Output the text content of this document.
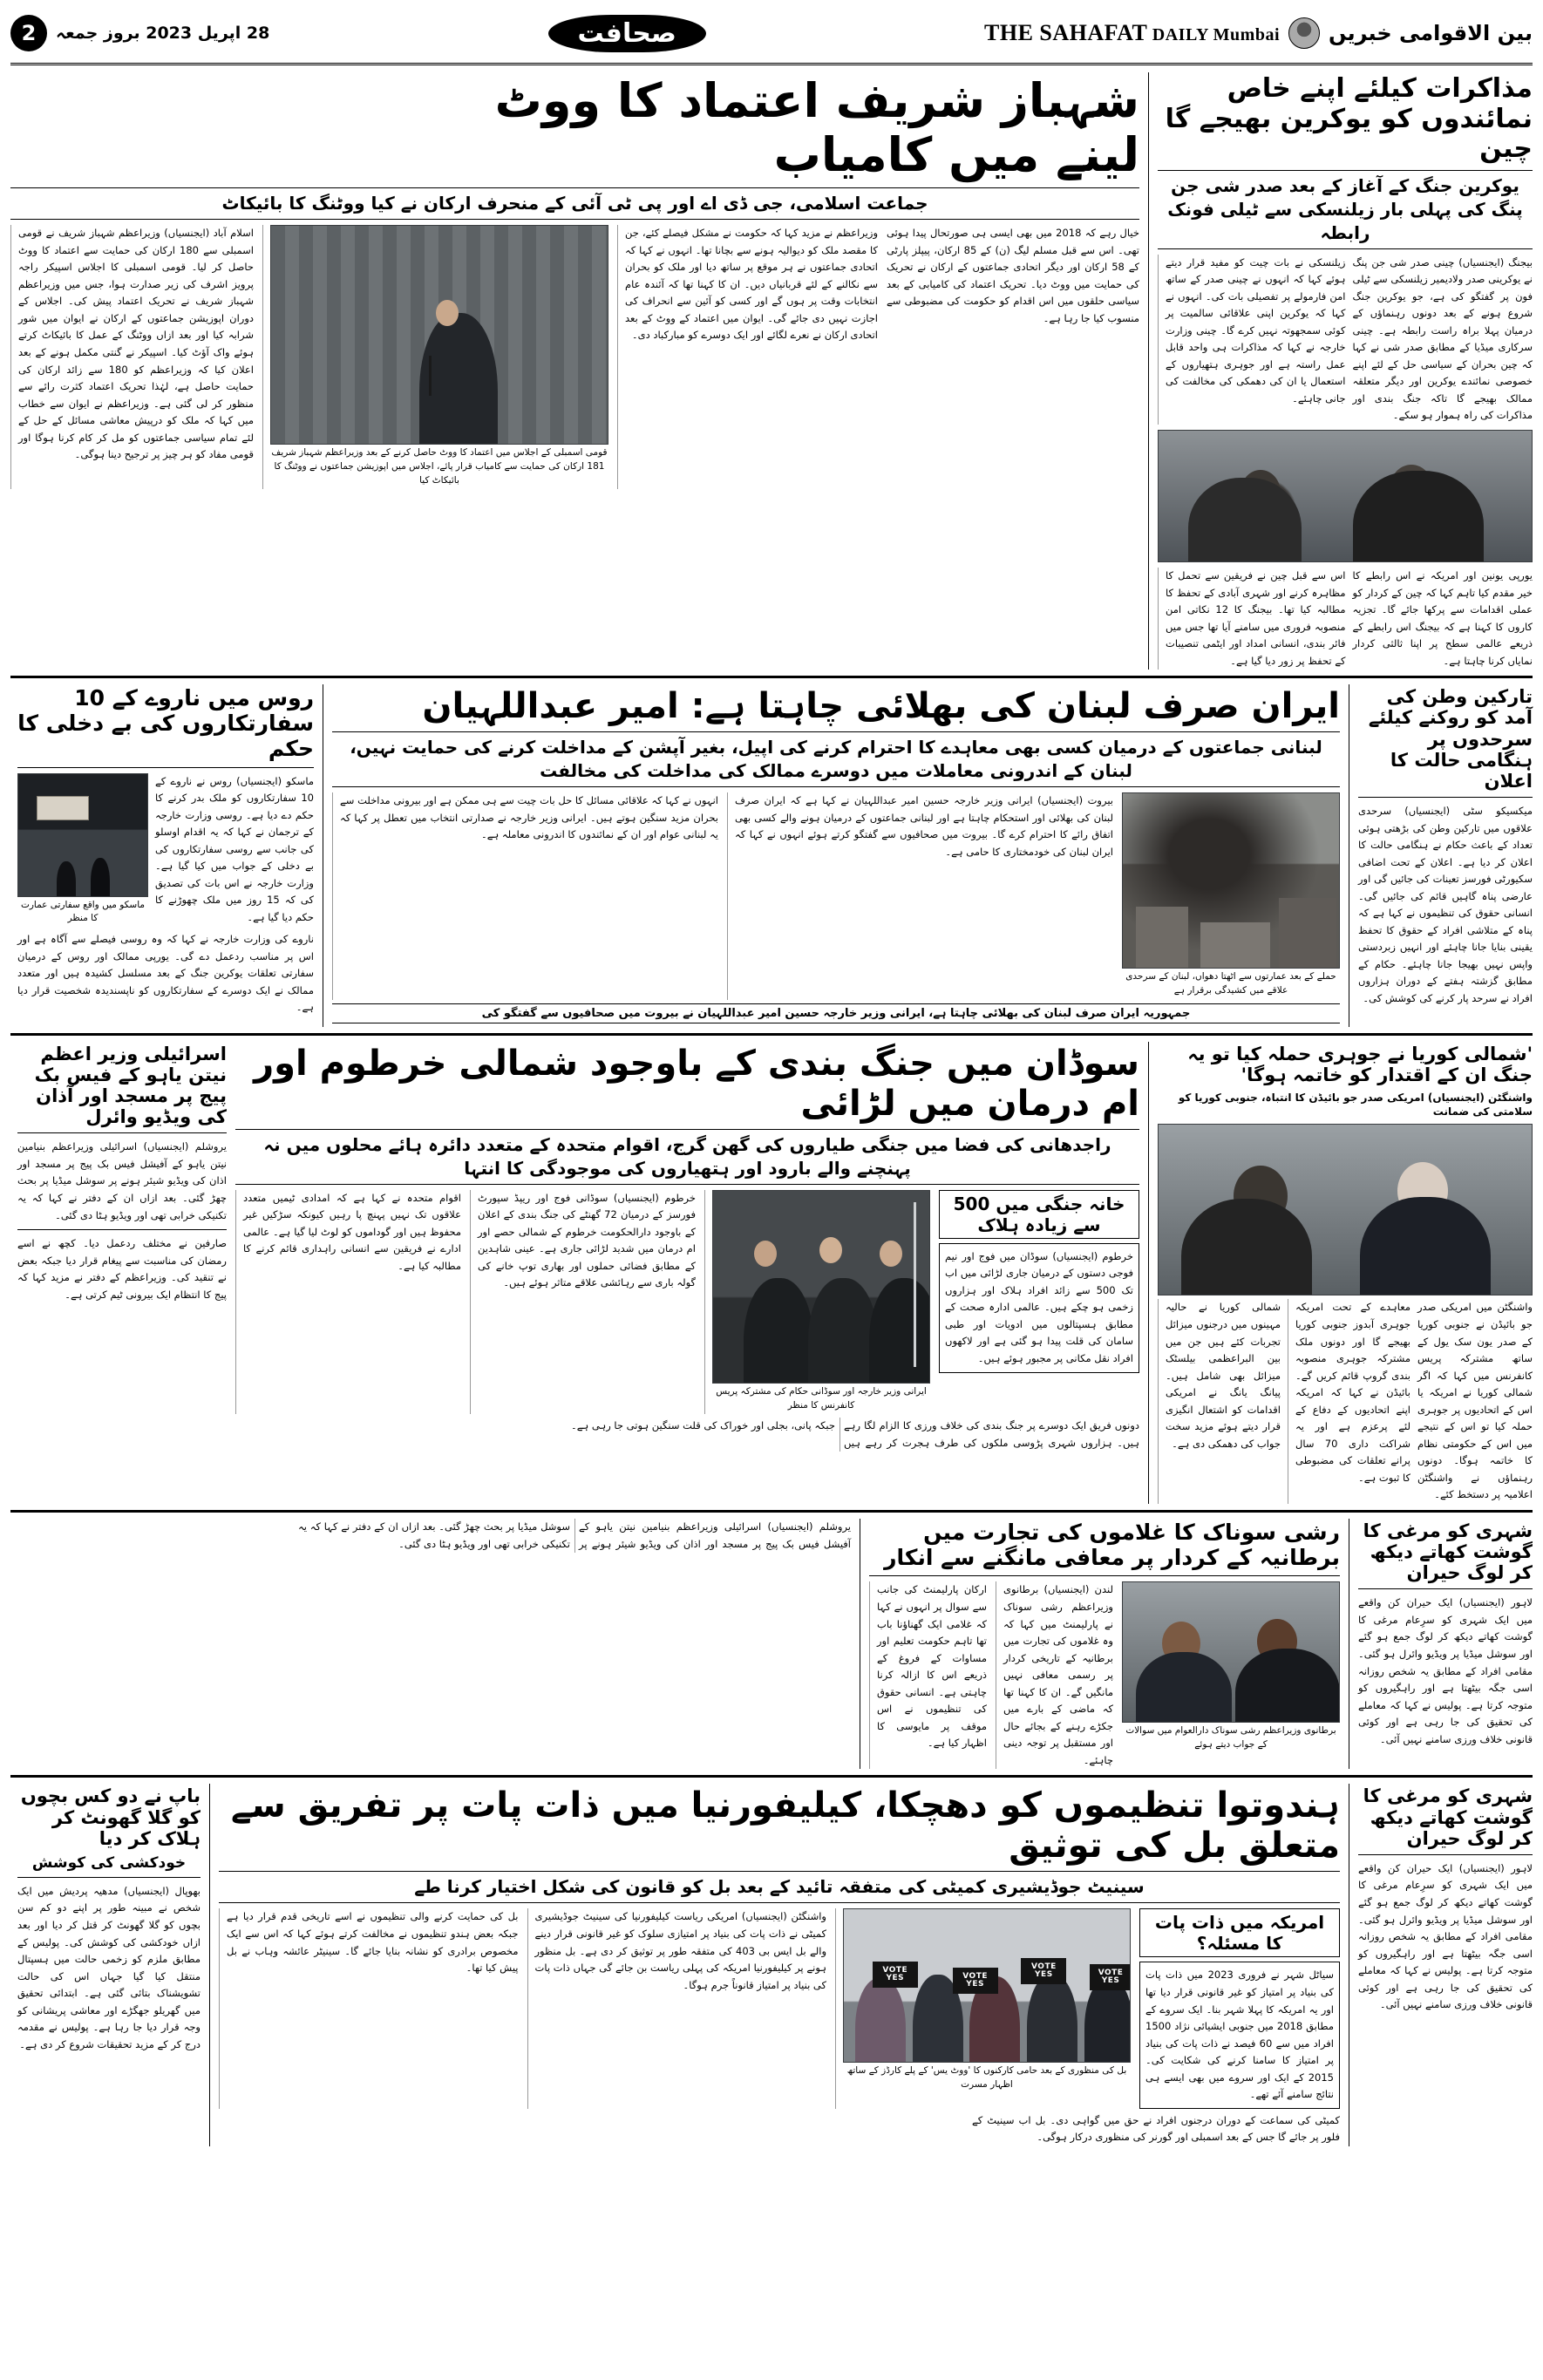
بین الاقوامی خبریں
THE SAHAFAT DAILY Mumbai
صحافت
28 اپریل 2023 بروز جمعہ
2
مذاکرات کیلئے اپنے خاص نمائندوں کو یوکرین بھیجے گا چین
یوکرین جنگ کے آغاز کے بعد صدر شی جن پنگ کی پہلی بار زیلنسکی سے ٹیلی فونک رابطہ
بیجنگ (ایجنسیاں) چینی صدر شی جن پنگ نے یوکرینی صدر ولادیمیر زیلنسکی سے ٹیلی فون پر گفتگو کی ہے، جو یوکرین جنگ شروع ہونے کے بعد دونوں رہنماؤں کے درمیان پہلا براہ راست رابطہ ہے۔ چینی سرکاری میڈیا کے مطابق صدر شی نے کہا کہ چین بحران کے سیاسی حل کے لئے اپنے خصوصی نمائندے یوکرین اور دیگر متعلقہ ممالک بھیجے گا تاکہ جنگ بندی اور مذاکرات کی راہ ہموار ہو سکے۔
زیلنسکی نے بات چیت کو مفید قرار دیتے ہوئے کہا کہ انہوں نے چینی صدر کے ساتھ امن فارمولے پر تفصیلی بات کی۔ انہوں نے کہا کہ یوکرین اپنی علاقائی سالمیت پر کوئی سمجھوتہ نہیں کرے گا۔ چینی وزارت خارجہ نے کہا کہ مذاکرات ہی واحد قابل عمل راستہ ہے اور جوہری ہتھیاروں کے استعمال یا ان کی دھمکی کی مخالفت کی جانی چاہئے۔
یورپی یونین اور امریکہ نے اس رابطے کا خیر مقدم کیا تاہم کہا کہ چین کے کردار کو عملی اقدامات سے پرکھا جائے گا۔ تجزیہ کاروں کا کہنا ہے کہ بیجنگ اس رابطے کے ذریعے عالمی سطح پر اپنا ثالثی کردار نمایاں کرنا چاہتا ہے۔
اس سے قبل چین نے فریقین سے تحمل کا مظاہرہ کرنے اور شہری آبادی کے تحفظ کا مطالبہ کیا تھا۔ بیجنگ کا 12 نکاتی امن منصوبہ فروری میں سامنے آیا تھا جس میں فائر بندی، انسانی امداد اور ایٹمی تنصیبات کے تحفظ پر زور دیا گیا ہے۔
شہباز شریف اعتماد کا ووٹ
لینے میں کامیاب
جماعت اسلامی، جی ڈی اے اور پی ٹی آئی کے منحرف ارکان نے کیا ووٹنگ کا بائیکاٹ
خیال رہے کہ 2018 میں بھی ایسی ہی صورتحال پیدا ہوئی تھی۔ اس سے قبل مسلم لیگ (ن) کے 85 ارکان، پیپلز پارٹی کے 58 ارکان اور دیگر اتحادی جماعتوں کے ارکان نے تحریک کی حمایت میں ووٹ دیا۔ تحریک اعتماد کی کامیابی کے بعد سیاسی حلقوں میں اس اقدام کو حکومت کی مضبوطی سے منسوب کیا جا رہا ہے۔
وزیراعظم نے مزید کہا کہ حکومت نے مشکل فیصلے کئے، جن کا مقصد ملک کو دیوالیہ ہونے سے بچانا تھا۔ انہوں نے کہا کہ اتحادی جماعتوں نے ہر موقع پر ساتھ دیا اور ملک کو بحران سے نکالنے کے لئے قربانیاں دیں۔ ان کا کہنا تھا کہ آئندہ عام انتخابات وقت پر ہوں گے اور کسی کو آئین سے انحراف کی اجازت نہیں دی جائے گی۔ ایوان میں اعتماد کے ووٹ کے بعد اتحادی ارکان نے نعرے لگائے اور ایک دوسرے کو مبارکباد دی۔
قومی اسمبلی کے اجلاس میں اعتماد کا ووٹ حاصل کرنے کے بعد وزیراعظم شہباز شریف 181 ارکان کی حمایت سے کامیاب قرار پائے، اجلاس میں اپوزیشن جماعتوں نے ووٹنگ کا بائیکاٹ کیا
اسلام آباد (ایجنسیاں) وزیراعظم شہباز شریف نے قومی اسمبلی سے 180 ارکان کی حمایت سے اعتماد کا ووٹ حاصل کر لیا۔ قومی اسمبلی کا اجلاس اسپیکر راجہ پرویز اشرف کی زیر صدارت ہوا، جس میں وزیراعظم شہباز شریف نے تحریک اعتماد پیش کی۔ اجلاس کے دوران اپوزیشن جماعتوں کے ارکان نے ایوان میں شور شرابہ کیا اور بعد ازاں ووٹنگ کے عمل کا بائیکاٹ کرتے ہوئے واک آؤٹ کیا۔ اسپیکر نے گنتی مکمل ہونے کے بعد اعلان کیا کہ وزیراعظم کو 180 سے زائد ارکان کی حمایت حاصل ہے، لہٰذا تحریک اعتماد کثرت رائے سے منظور کر لی گئی ہے۔ وزیراعظم نے ایوان سے خطاب میں کہا کہ ملک کو درپیش معاشی مسائل کے حل کے لئے تمام سیاسی جماعتوں کو مل کر کام کرنا ہوگا اور قومی مفاد کو ہر چیز پر ترجیح دینا ہوگی۔
تارکین وطن کی آمد کو روکنے کیلئے سرحدوں پر ہنگامی حالت کا اعلان
میکسیکو سٹی (ایجنسیاں) سرحدی علاقوں میں تارکین وطن کی بڑھتی ہوئی تعداد کے باعث حکام نے ہنگامی حالت کا اعلان کر دیا ہے۔ اعلان کے تحت اضافی سکیورٹی فورسز تعینات کی جائیں گی اور عارضی پناہ گاہیں قائم کی جائیں گی۔ انسانی حقوق کی تنظیموں نے کہا ہے کہ پناہ کے متلاشی افراد کے حقوق کا تحفظ یقینی بنایا جانا چاہئے اور انہیں زبردستی واپس نہیں بھیجا جانا چاہئے۔ حکام کے مطابق گزشتہ ہفتے کے دوران ہزاروں افراد نے سرحد پار کرنے کی کوشش کی۔
ایران صرف لبنان کی بھلائی چاہتا ہے: امیر عبداللہیان
لبنانی جماعتوں کے درمیان کسی بھی معاہدے کا احترام کرنے کی اپیل، بغیر آپشن کے مداخلت کرنے کی حمایت نہیں، لبنان کے اندرونی معاملات میں دوسرے ممالک کی مداخلت کی مخالفت
حملے کے بعد عمارتوں سے اٹھتا دھواں، لبنان کے سرحدی علاقے میں کشیدگی برقرار ہے
بیروت (ایجنسیاں) ایرانی وزیر خارجہ حسین امیر عبداللہیان نے کہا ہے کہ ایران صرف لبنان کی بھلائی اور استحکام چاہتا ہے اور لبنانی جماعتوں کے درمیان ہونے والے کسی بھی اتفاق رائے کا احترام کرے گا۔ بیروت میں صحافیوں سے گفتگو کرتے ہوئے انہوں نے کہا کہ ایران لبنان کی خودمختاری کا حامی ہے۔
انہوں نے کہا کہ علاقائی مسائل کا حل بات چیت سے ہی ممکن ہے اور بیرونی مداخلت سے بحران مزید سنگین ہوتے ہیں۔ ایرانی وزیر خارجہ نے صدارتی انتخاب میں تعطل پر کہا کہ یہ لبنانی عوام اور ان کے نمائندوں کا اندرونی معاملہ ہے۔
جمہوریہ ایران صرف لبنان کی بھلائی چاہتا ہے، ایرانی وزیر خارجہ حسین امیر عبداللہیان نے بیروت میں صحافیوں سے گفتگو کی
روس میں ناروے کے 10 سفارتکاروں کی بے دخلی کا حکم
ماسکو (ایجنسیاں) روس نے ناروے کے 10 سفارتکاروں کو ملک بدر کرنے کا حکم دے دیا ہے۔ روسی وزارت خارجہ کے ترجمان نے کہا کہ یہ اقدام اوسلو کی جانب سے روسی سفارتکاروں کی بے دخلی کے جواب میں کیا گیا ہے۔ وزارت خارجہ نے اس بات کی تصدیق کی کہ 15 روز میں ملک چھوڑنے کا حکم دیا گیا ہے۔
ماسکو میں واقع سفارتی عمارت کا منظر
ناروے کی وزارت خارجہ نے کہا کہ وہ روسی فیصلے سے آگاہ ہے اور اس پر مناسب ردعمل دے گی۔ یورپی ممالک اور روس کے درمیان سفارتی تعلقات یوکرین جنگ کے بعد مسلسل کشیدہ ہیں اور متعدد ممالک نے ایک دوسرے کے سفارتکاروں کو ناپسندیدہ شخصیت قرار دیا ہے۔
'شمالی کوریا نے جوہری حملہ کیا تو یہ جنگ ان کے اقتدار کو خاتمہ ہوگا'
واشنگٹن (ایجنسیاں) امریکی صدر جو بائیڈن کا انتباہ، جنوبی کوریا کو سلامتی کی ضمانت
واشنگٹن میں امریکی صدر جو بائیڈن نے جنوبی کوریا کے صدر یون سک یول کے ساتھ مشترکہ پریس کانفرنس میں کہا کہ اگر شمالی کوریا نے امریکہ یا اس کے اتحادیوں پر جوہری حملہ کیا تو اس کے نتیجے میں اس کے حکومتی نظام کا خاتمہ ہوگا۔ دونوں رہنماؤں نے واشنگٹن اعلامیہ پر دستخط کئے۔
معاہدے کے تحت امریکہ جوہری آبدوز جنوبی کوریا بھیجے گا اور دونوں ملک مشترکہ جوہری منصوبہ بندی گروپ قائم کریں گے۔ بائیڈن نے کہا کہ امریکہ اپنے اتحادیوں کے دفاع کے لئے پرعزم ہے اور یہ شراکت داری 70 سال پرانے تعلقات کی مضبوطی کا ثبوت ہے۔
شمالی کوریا نے حالیہ مہینوں میں درجنوں میزائل تجربات کئے ہیں جن میں بین البراعظمی بیلسٹک میزائل بھی شامل ہیں۔ پیانگ یانگ نے امریکی اقدامات کو اشتعال انگیزی قرار دیتے ہوئے مزید سخت جواب کی دھمکی دی ہے۔
سوڈان میں جنگ بندی کے باوجود شمالی خرطوم اور ام درمان میں لڑائی
راجدھانی کی فضا میں جنگی طیاروں کی گھن گرج، اقوام متحدہ کے متعدد دائرہ ہائے محلوں میں نہ پہنچنے والے بارود اور ہتھیاروں کی موجودگی کا انتہا
خانہ جنگی میں 500 سے زیادہ ہلاک
خرطوم (ایجنسیاں) سوڈان میں فوج اور نیم فوجی دستوں کے درمیان جاری لڑائی میں اب تک 500 سے زائد افراد ہلاک اور ہزاروں زخمی ہو چکے ہیں۔ عالمی ادارہ صحت کے مطابق ہسپتالوں میں ادویات اور طبی سامان کی قلت پیدا ہو گئی ہے اور لاکھوں افراد نقل مکانی پر مجبور ہوئے ہیں۔
ایرانی وزیر خارجہ اور سوڈانی حکام کی مشترکہ پریس کانفرنس کا منظر
خرطوم (ایجنسیاں) سوڈانی فوج اور ریپڈ سپورٹ فورسز کے درمیان 72 گھنٹے کی جنگ بندی کے اعلان کے باوجود دارالحکومت خرطوم کے شمالی حصے اور ام درمان میں شدید لڑائی جاری ہے۔ عینی شاہدین کے مطابق فضائی حملوں اور بھاری توپ خانے کی گولہ باری سے رہائشی علاقے متاثر ہوئے ہیں۔
اقوام متحدہ نے کہا ہے کہ امدادی ٹیمیں متعدد علاقوں تک نہیں پہنچ پا رہیں کیونکہ سڑکیں غیر محفوظ ہیں اور گوداموں کو لوٹ لیا گیا ہے۔ عالمی ادارے نے فریقین سے انسانی راہداری قائم کرنے کا مطالبہ کیا ہے۔
دونوں فریق ایک دوسرے پر جنگ بندی کی خلاف ورزی کا الزام لگا رہے ہیں۔ ہزاروں شہری پڑوسی ملکوں کی طرف ہجرت کر رہے ہیں جبکہ پانی، بجلی اور خوراک کی قلت سنگین ہوتی جا رہی ہے۔
اسرائیلی وزیر اعظم نیتن یاہو کے فیس بک پیج پر مسجد اور آذان کی ویڈیو وائرل
یروشلم (ایجنسیاں) اسرائیلی وزیراعظم بنیامین نیتن یاہو کے آفیشل فیس بک پیج پر مسجد اور اذان کی ویڈیو شیئر ہونے پر سوشل میڈیا پر بحث چھڑ گئی۔ بعد ازاں ان کے دفتر نے کہا کہ یہ تکنیکی خرابی تھی اور ویڈیو ہٹا دی گئی۔
صارفین نے مختلف ردعمل دیا۔ کچھ نے اسے رمضان کی مناسبت سے پیغام قرار دیا جبکہ بعض نے تنقید کی۔ وزیراعظم کے دفتر نے مزید کہا کہ پیج کا انتظام ایک بیرونی ٹیم کرتی ہے۔
شہری کو مرغی کا گوشت کھاتے دیکھ کر لوگ حیران
لاہور (ایجنسیاں) ایک حیران کن واقعے میں ایک شہری کو سرِعام مرغی کا گوشت کھاتے دیکھ کر لوگ جمع ہو گئے اور سوشل میڈیا پر ویڈیو وائرل ہو گئی۔ مقامی افراد کے مطابق یہ شخص روزانہ اسی جگہ بیٹھتا ہے اور راہگیروں کو متوجہ کرتا ہے۔ پولیس نے کہا کہ معاملے کی تحقیق کی جا رہی ہے اور کوئی قانونی خلاف ورزی سامنے نہیں آئی۔
رشی سوناک کا غلاموں کی تجارت میں برطانیہ کے کردار پر معافی مانگنے سے انکار
برطانوی وزیراعظم رشی سوناک دارالعوام میں سوالات کے جواب دیتے ہوئے
لندن (ایجنسیاں) برطانوی وزیراعظم رشی سوناک نے پارلیمنٹ میں کہا کہ وہ غلاموں کی تجارت میں برطانیہ کے تاریخی کردار پر رسمی معافی نہیں مانگیں گے۔ ان کا کہنا تھا کہ ماضی کے بارے میں جکڑے رہنے کے بجائے حال اور مستقبل پر توجہ دینی چاہئے۔
ارکان پارلیمنٹ کی جانب سے سوال پر انہوں نے کہا کہ غلامی ایک گھناؤنا باب تھا تاہم حکومت تعلیم اور مساوات کے فروغ کے ذریعے اس کا ازالہ کرنا چاہتی ہے۔ انسانی حقوق کی تنظیموں نے اس موقف پر مایوسی کا اظہار کیا ہے۔
یروشلم (ایجنسیاں) اسرائیلی وزیراعظم بنیامین نیتن یاہو کے آفیشل فیس بک پیج پر مسجد اور اذان کی ویڈیو شیئر ہونے پر سوشل میڈیا پر بحث چھڑ گئی۔ بعد ازاں ان کے دفتر نے کہا کہ یہ تکنیکی خرابی تھی اور ویڈیو ہٹا دی گئی۔
شہری کو مرغی کا گوشت کھاتے دیکھ کر لوگ حیران
لاہور (ایجنسیاں) ایک حیران کن واقعے میں ایک شہری کو سرِعام مرغی کا گوشت کھاتے دیکھ کر لوگ جمع ہو گئے اور سوشل میڈیا پر ویڈیو وائرل ہو گئی۔ مقامی افراد کے مطابق یہ شخص روزانہ اسی جگہ بیٹھتا ہے اور راہگیروں کو متوجہ کرتا ہے۔ پولیس نے کہا کہ معاملے کی تحقیق کی جا رہی ہے اور کوئی قانونی خلاف ورزی سامنے نہیں آئی۔
ہندوتوا تنظیموں کو دھچکا، کیلیفورنیا میں ذات پات پر تفریق سے متعلق بل کی توثیق
سینیٹ جوڈیشیری کمیٹی کی متفقہ تائید کے بعد بل کو قانون کی شکل اختیار کرنا طے
امریکہ میں ذات پات کا مسئلہ؟
سیاٹل شہر نے فروری 2023 میں ذات پات کی بنیاد پر امتیاز کو غیر قانونی قرار دیا تھا اور یہ امریکہ کا پہلا شہر بنا۔ ایک سروے کے مطابق 2018 میں جنوبی ایشیائی نژاد 1500 افراد میں سے 60 فیصد نے ذات پات کی بنیاد پر امتیاز کا سامنا کرنے کی شکایت کی۔ 2015 کے ایک اور سروے میں بھی ایسے ہی نتائج سامنے آئے تھے۔
VOTE YES	VOTE YES
VOTE YES	VOTE YES
بل کی منظوری کے بعد حامی کارکنوں کا 'ووٹ یس' کے پلے کارڈز کے ساتھ اظہار مسرت
واشنگٹن (ایجنسیاں) امریکی ریاست کیلیفورنیا کی سینیٹ جوڈیشیری کمیٹی نے ذات پات کی بنیاد پر امتیازی سلوک کو غیر قانونی قرار دینے والے بل ایس بی 403 کی متفقہ طور پر توثیق کر دی ہے۔ بل منظور ہونے پر کیلیفورنیا امریکہ کی پہلی ریاست بن جائے گی جہاں ذات پات کی بنیاد پر امتیاز قانوناً جرم ہوگا۔
بل کی حمایت کرنے والی تنظیموں نے اسے تاریخی قدم قرار دیا ہے جبکہ بعض ہندو تنظیموں نے مخالفت کرتے ہوئے کہا کہ اس سے ایک مخصوص برادری کو نشانہ بنایا جائے گا۔ سینیٹر عائشہ وہاب نے بل پیش کیا تھا۔
کمیٹی کی سماعت کے دوران درجنوں افراد نے حق میں گواہی دی۔ بل اب سینیٹ کے فلور پر جائے گا جس کے بعد اسمبلی اور گورنر کی منظوری درکار ہوگی۔
باپ نے دو کس بچوں کو گلا گھونٹ کر ہلاک کر دیا
خودکشی کی کوشش
بھوپال (ایجنسیاں) مدھیہ پردیش میں ایک شخص نے مبینہ طور پر اپنے دو کم سن بچوں کو گلا گھونٹ کر قتل کر دیا اور بعد ازاں خودکشی کی کوشش کی۔ پولیس کے مطابق ملزم کو زخمی حالت میں ہسپتال منتقل کیا گیا جہاں اس کی حالت تشویشناک بتائی گئی ہے۔ ابتدائی تحقیق میں گھریلو جھگڑے اور معاشی پریشانی کو وجہ قرار دیا جا رہا ہے۔ پولیس نے مقدمہ درج کر کے مزید تحقیقات شروع کر دی ہے۔
